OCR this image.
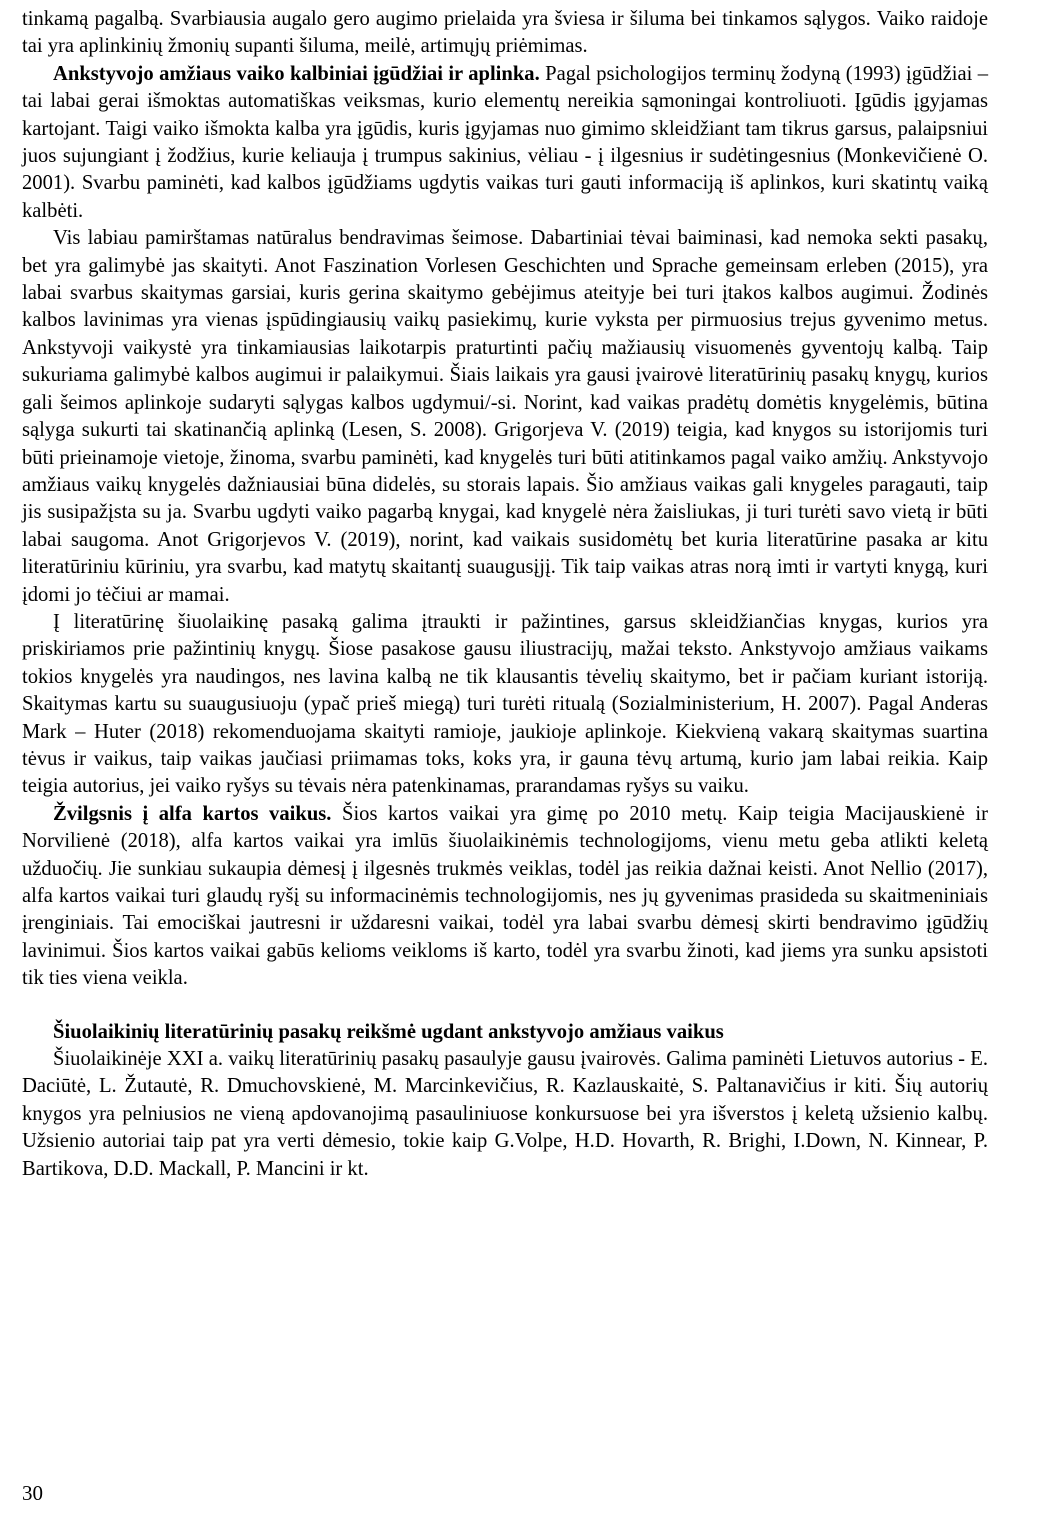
tinkamą pagalbą. Svarbiausia augalo gero augimo prielaida yra šviesa ir šiluma bei tinkamos sąlygos. Vaiko raidoje tai yra aplinkinių žmonių supanti šiluma, meilė, artimųjų priėmimas.

Ankstyvojo amžiaus vaiko kalbiniai įgūdžiai ir aplinka. Pagal psichologijos terminų žodyną (1993) įgūdžiai – tai labai gerai išmoktas automatiškas veiksmas, kurio elementų nereikia sąmoningai kontroliuoti. Įgūdis įgyjamas kartojant. Taigi vaiko išmokta kalba yra įgūdis, kuris įgyjamas nuo gimimo skleidžiant tam tikrus garsus, palaipsniui juos sujungiant į žodžius, kurie keliauja į trumpus sakinius, vėliau - į ilgesnius ir sudėtingesnius (Monkevičienė O. 2001). Svarbu paminėti, kad kalbos įgūdžiams ugdytis vaikas turi gauti informaciją iš aplinkos, kuri skatintų vaiką kalbėti.

Vis labiau pamirštamas natūralus bendravimas šeimose. Dabartiniai tėvai baiminasi, kad nemoka sekti pasakų, bet yra galimybė jas skaityti. Anot Faszination Vorlesen Geschichten und Sprache gemeinsam erleben (2015), yra labai svarbus skaitymas garsiai, kuris gerina skaitymo gebėjimus ateityje bei turi įtakos kalbos augimui. Žodinės kalbos lavinimas yra vienas įspūdingiausių vaikų pasiekimų, kurie vyksta per pirmuosius trejus gyvenimo metus. Ankstyvoji vaikystė yra tinkamiausias laikotarpis praturtinti pačių mažiausių visuomenės gyventojų kalbą. Taip sukuriama galimybė kalbos augimui ir palaikymui. Šiais laikais yra gausi įvairovė literatūrinių pasakų knygų, kurios gali šeimos aplinkoje sudaryti sąlygas kalbos ugdymui/-si. Norint, kad vaikas pradėtų domėtis knygelėmis, būtina sąlyga sukurti tai skatinančią aplinką (Lesen, S. 2008). Grigorjeva V. (2019) teigia, kad knygos su istorijomis turi būti prieinamoje vietoje, žinoma, svarbu paminėti, kad knygelės turi būti atitinkamos pagal vaiko amžių. Ankstyvojo amžiaus vaikų knygelės dažniausiai būna didelės, su storais lapais. Šio amžiaus vaikas gali knygeles paragauti, taip jis susipažįsta su ja. Svarbu ugdyti vaiko pagarbą knygai, kad knygelė nėra žaisliukas, ji turi turėti savo vietą ir būti labai saugoma. Anot Grigorjevos V. (2019), norint, kad vaikais susidomėtų bet kuria literatūrine pasaka ar kitu literatūriniu kūriniu, yra svarbu, kad matytų skaitantį suaugusįjį. Tik taip vaikas atras norą imti ir vartyti knygą, kuri įdomi jo tėčiui ar mamai.

Į literatūrinę šiuolaikinę pasaką galima įtraukti ir pažintines, garsus skleidžiančias knygas, kurios yra priskiriamos prie pažintinių knygų. Šiose pasakose gausu iliustracijų, mažai teksto. Ankstyvojo amžiaus vaikams tokios knygelės yra naudingos, nes lavina kalbą ne tik klausantis tėvelių skaitymo, bet ir pačiam kuriant istoriją. Skaitymas kartu su suaugusiuoju (ypač prieš miegą) turi turėti ritualą (Sozialministerium, H. 2007). Pagal Anderas Mark – Huter (2018) rekomenduojama skaityti ramioje, jaukioje aplinkoje. Kiekvieną vakarą skaitymas suartina tėvus ir vaikus, taip vaikas jaučiasi priimamas toks, koks yra, ir gauna tėvų artumą, kurio jam labai reikia. Kaip teigia autorius, jei vaiko ryšys su tėvais nėra patenkinamas, prarandamas ryšys su vaiku.

Žvilgsnis į alfa kartos vaikus. Šios kartos vaikai yra gimę po 2010 metų. Kaip teigia Macijauskienė ir Norvilienė (2018), alfa kartos vaikai yra imlūs šiuolaikinėmis technologijoms, vienu metu geba atlikti keletą užduočių. Jie sunkiau sukaupia dėmesį į ilgesnės trukmės veiklas, todėl jas reikia dažnai keisti. Anot Nellio (2017), alfa kartos vaikai turi glaudų ryšį su informacinėmis technologijomis, nes jų gyvenimas prasideda su skaitmeniniais įrenginiais. Tai emociškai jautresni ir uždaresni vaikai, todėl yra labai svarbu dėmesį skirti bendravimo įgūdžių lavinimui. Šios kartos vaikai gabūs kelioms veikloms iš karto, todėl yra svarbu žinoti, kad jiems yra sunku apsistoti tik ties viena veikla.

Šiuolaikinių literatūrinių pasakų reikšmė ugdant ankstyvojo amžiaus vaikus

Šiuolaikinėje XXI a. vaikų literatūrinių pasakų pasaulyje gausu įvairovės. Galima paminėti Lietuvos autorius - E. Daciūtė, L. Žutautė, R. Dmuchovskienė, M. Marcinkevičius, R. Kazlauskaitė, S. Paltanavičius ir kiti. Šių autorių knygos yra pelniusios ne vieną apdovanojimą pasauliniuose konkursuose bei yra išverstos į keletą užsienio kalbų. Užsienio autoriai taip pat yra verti dėmesio, tokie kaip G.Volpe, H.D. Hovarth, R. Brighi, I.Down, N. Kinnear, P. Bartikova, D.D. Mackall, P. Mancini ir kt.

30
